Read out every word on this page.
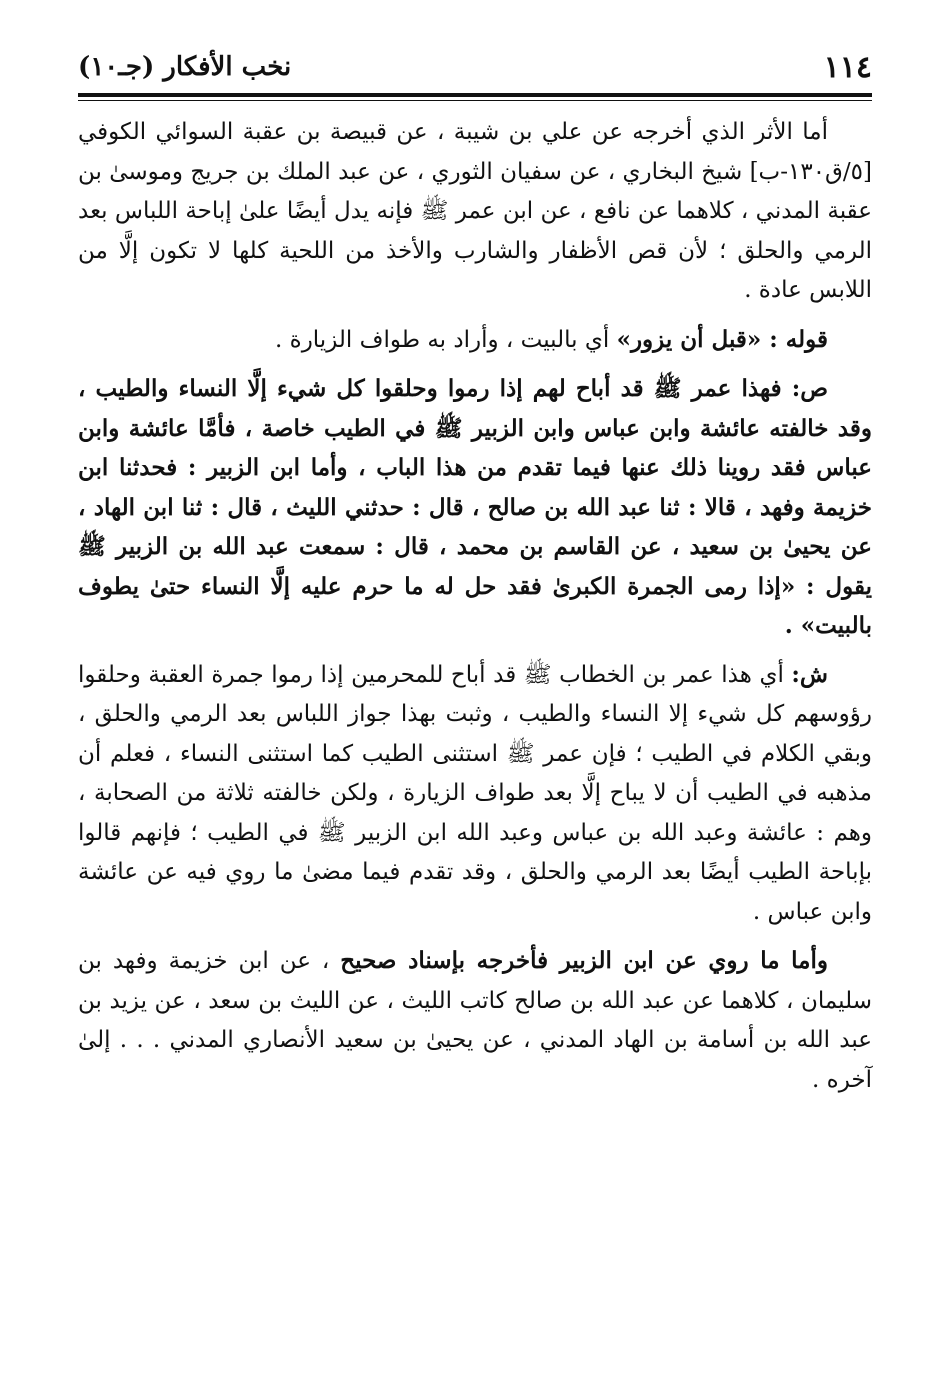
١١٤
نخب الأفكار (جـ١٠)

أما الأثر الذي أخرجه عن علي بن شيبة ، عن قبيصة بن عقبة السوائي الكوفي [٥/ق١٣٠-ب] شيخ البخاري ، عن سفيان الثوري ، عن عبد الملك بن جريج وموسىٰ بن عقبة المدني ، كلاهما عن نافع ، عن ابن عمر ﷺ فإنه يدل أيضًا علىٰ إباحة اللباس بعد الرمي والحلق ؛ لأن قص الأظفار والشارب والأخذ من اللحية كلها لا تكون إلَّا من اللابس عادة .

قوله : «قبل أن يزور» أي بالبيت ، وأراد به طواف الزيارة .

ص: فهذا عمر ﷺ قد أباح لهم إذا رموا وحلقوا كل شيء إلَّا النساء والطيب ، وقد خالفته عائشة وابن عباس وابن الزبير ﷺ في الطيب خاصة ، فأمَّا عائشة وابن عباس فقد روينا ذلك عنها فيما تقدم من هذا الباب ، وأما ابن الزبير : فحدثنا ابن خزيمة وفهد ، قالا : ثنا عبد الله بن صالح ، قال : حدثني الليث ، قال : ثنا ابن الهاد ، عن يحيىٰ بن سعيد ، عن القاسم بن محمد ، قال : سمعت عبد الله بن الزبير ﷺ يقول : «إذا رمى الجمرة الكبرىٰ فقد حل له ما حرم عليه إلَّا النساء حتىٰ يطوف بالبيت» .

ش: أي هذا عمر بن الخطاب ﷺ قد أباح للمحرمين إذا رموا جمرة العقبة وحلقوا رؤوسهم كل شيء إلا النساء والطيب ، وثبت بهذا جواز اللباس بعد الرمي والحلق ، وبقي الكلام في الطيب ؛ فإن عمر ﷺ استثنى الطيب كما استثنى النساء ، فعلم أن مذهبه في الطيب أن لا يباح إلَّا بعد طواف الزيارة ، ولكن خالفته ثلاثة من الصحابة ، وهم : عائشة وعبد الله بن عباس وعبد الله ابن الزبير ﷺ في الطيب ؛ فإنهم قالوا بإباحة الطيب أيضًا بعد الرمي والحلق ، وقد تقدم فيما مضىٰ ما روي فيه عن عائشة وابن عباس .

وأما ما روي عن ابن الزبير فأخرجه بإسناد صحيح ، عن ابن خزيمة وفهد بن سليمان ، كلاهما عن عبد الله بن صالح كاتب الليث ، عن الليث بن سعد ، عن يزيد بن عبد الله بن أسامة بن الهاد المدني ، عن يحيىٰ بن سعيد الأنصاري المدني . . . إلىٰ آخره .
